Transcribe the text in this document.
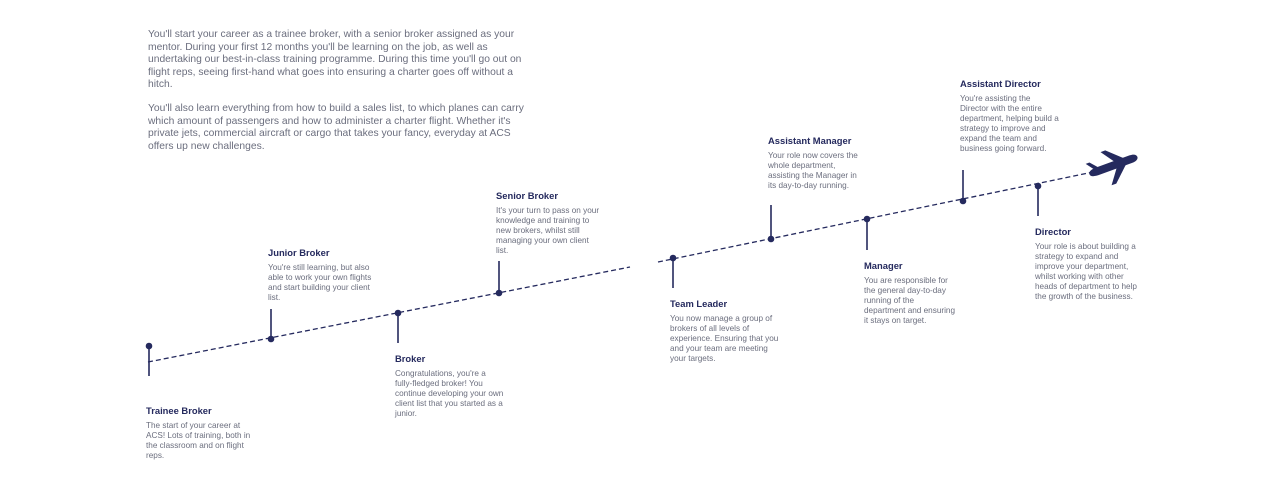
You'll start your career as a trainee broker, with a senior broker assigned as your mentor. During your first 12 months you'll be learning on the job, as well as undertaking our best-in-class training programme. During this time you'll go out on flight reps, seeing first-hand what goes into ensuring a charter goes off without a hitch.

You'll also learn everything from how to build a sales list, to which planes can carry which amount of passengers and how to administer a charter flight. Whether it's private jets, commercial aircraft or cargo that takes your fancy, everyday at ACS offers up new challenges.

Trainee Broker
The start of your career at ACS! Lots of training, both in the classroom and on flight reps.
Junior Broker
You're still learning, but also able to work your own flights and start building your client list.
Broker
Congratulations, you're a fully-fledged broker! You continue developing your own client list that you started as a junior.
Senior Broker
It's your turn to pass on your knowledge and training to new brokers, whilst still managing your own client list.
Team Leader
You now manage a group of brokers of all levels of experience. Ensuring that you and your team are meeting your targets.
Assistant Manager
Your role now covers the whole department, assisting the Manager in its day-to-day running.
Manager
You are responsible for the general day-to-day running of the department and ensuring it stays on target.
Assistant Director
You're assisting the Director with the entire department, helping build a strategy to improve and expand the team and business going forward.
Director
Your role is about building a strategy to expand and improve your department, whilst working with other heads of department to help the growth of the business.
